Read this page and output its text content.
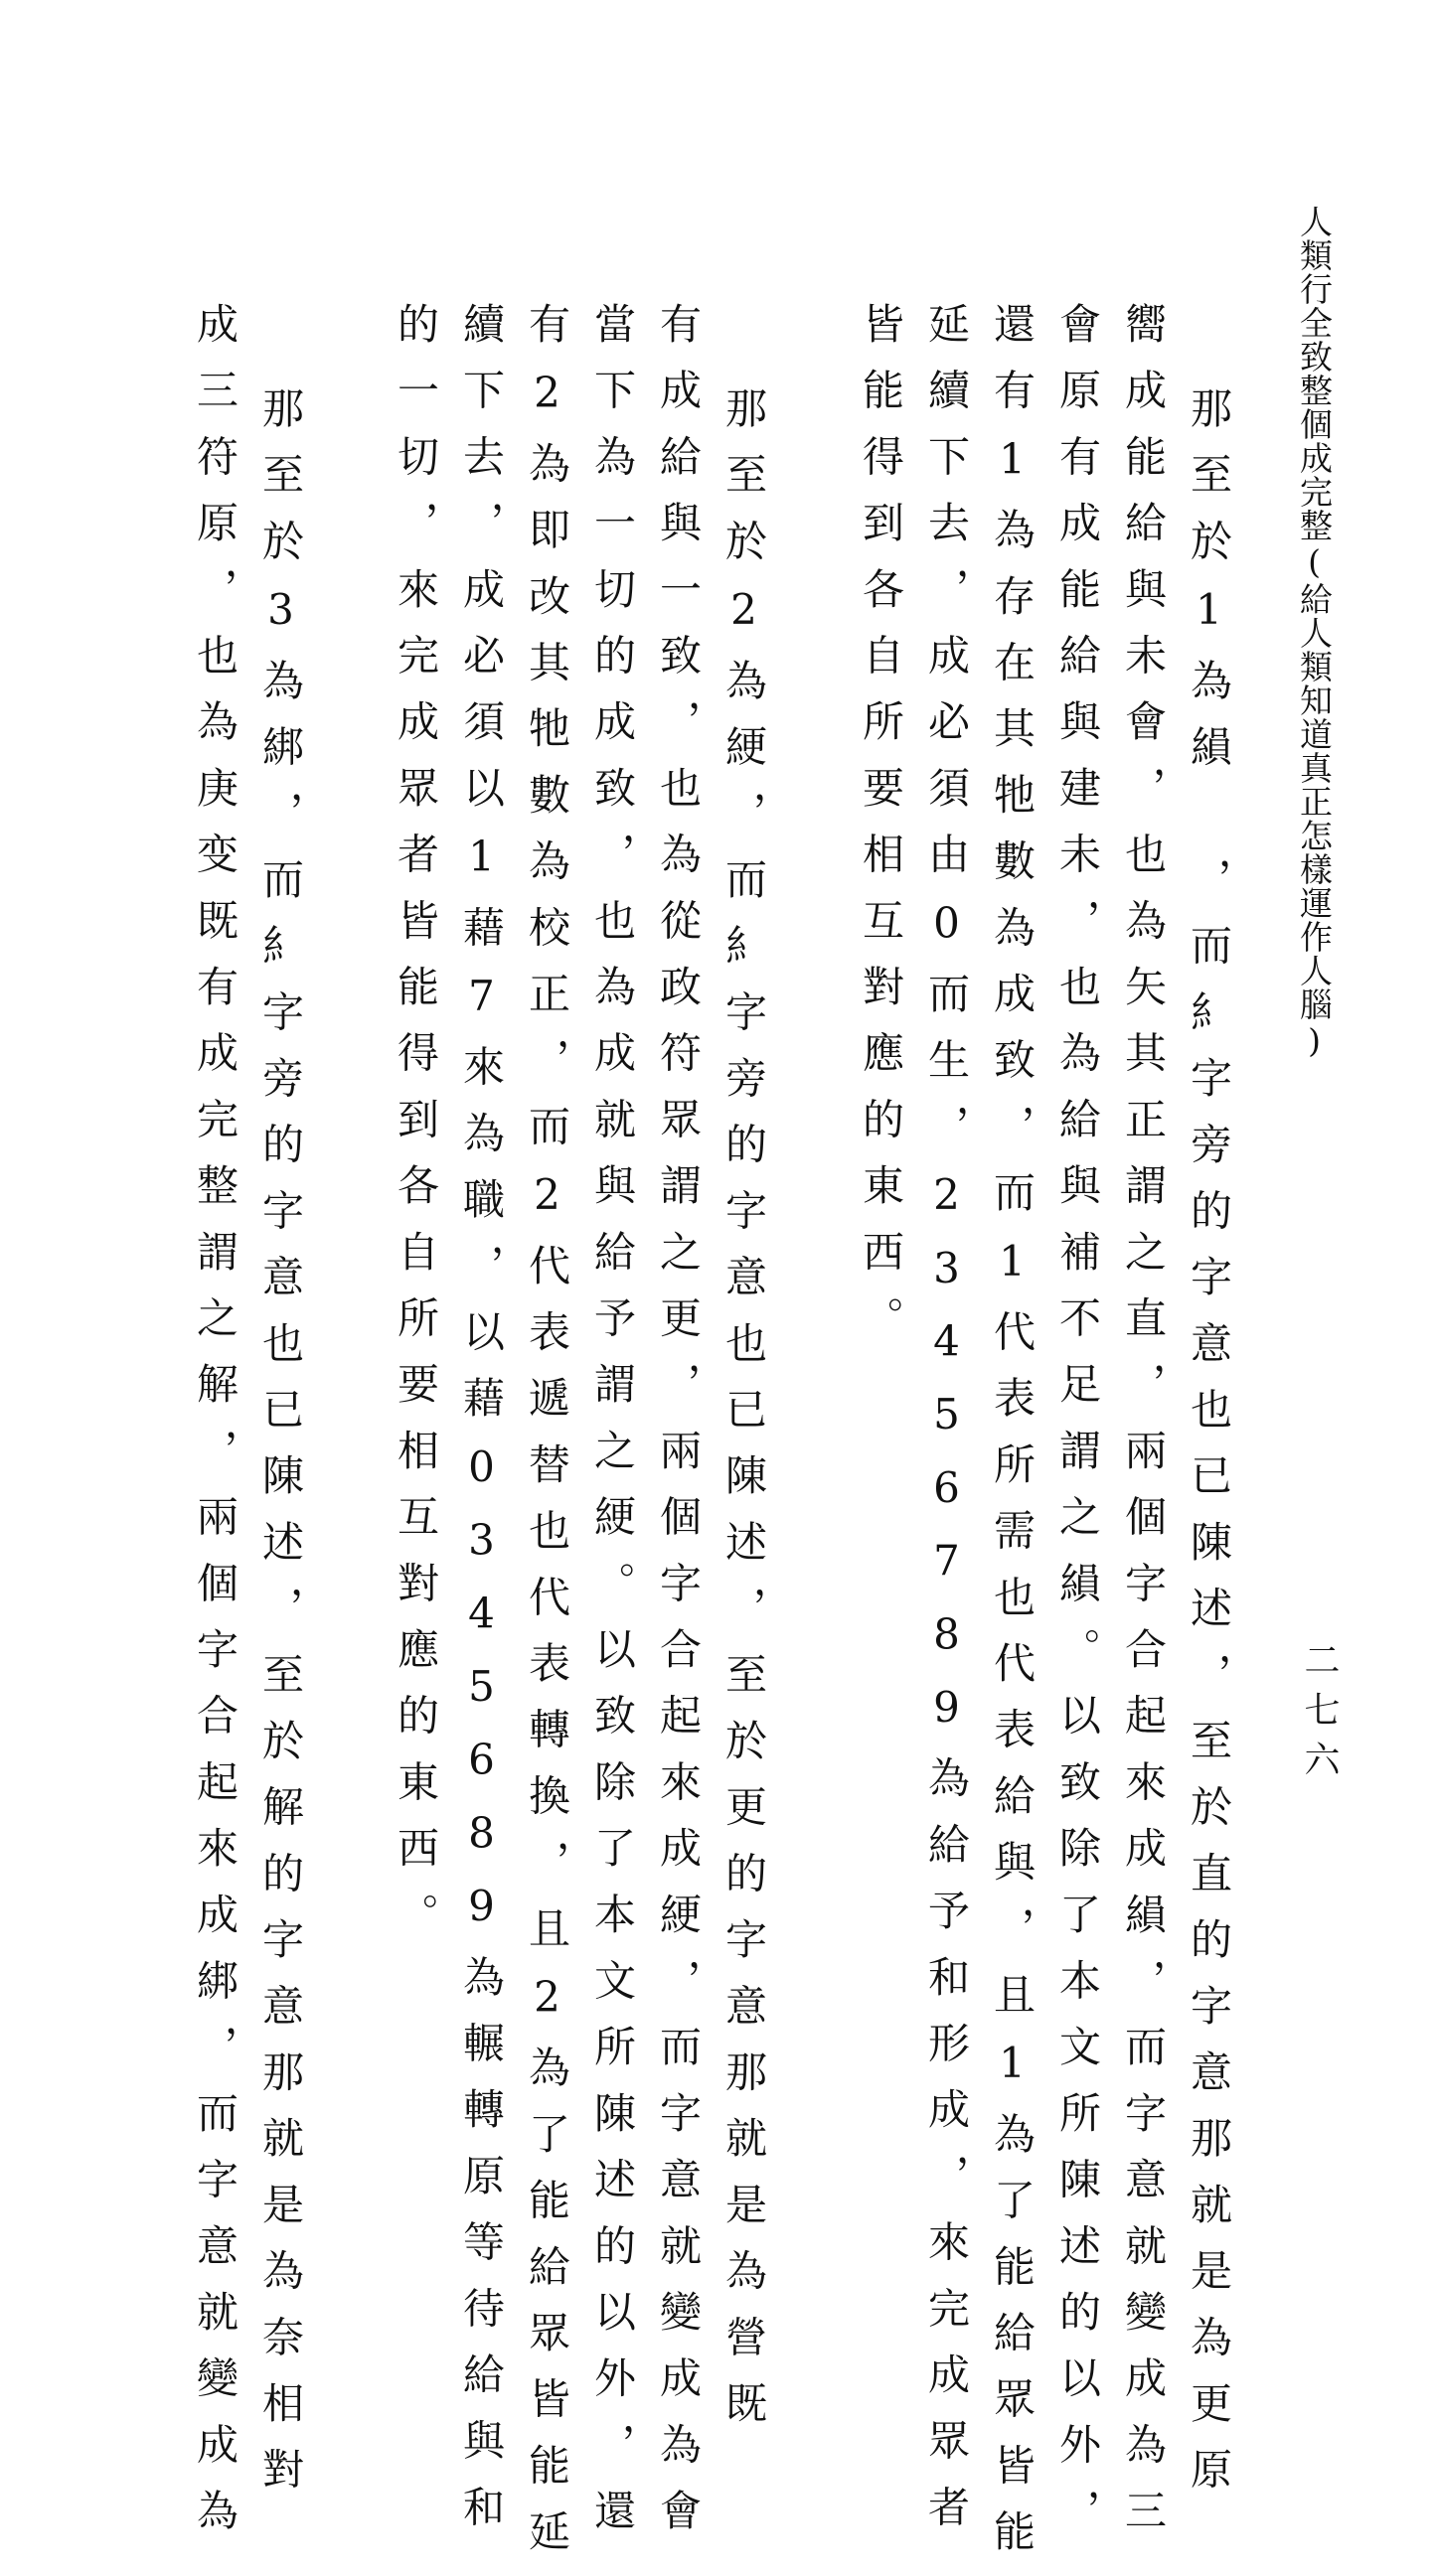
人類行全致整個成完整(給人類知道真正怎樣運作人腦)
二七六
那至於1為縜　，而糹字旁的字意也已陳述，至於直的字意那就是為更原
嚮成能給與未會，也為矢其正謂之直，兩個字合起來成縜，而字意就變成為三
會原有成能給與建未，也為給與補不足謂之縜。以致除了本文所陳述的以外，
還有1為存在其牠數為成致，而1代表所需也代表給與，且1為了能給眾皆能
延續下去，成必須由0而生，23456789為給予和形成，來完成眾者
皆能得到各自所要相互對應的東西。
那至於2為綆，而糹字旁的字意也已陳述，至於更的字意那就是為營既
有成給與一致，也為從政符眾謂之更，兩個字合起來成綆，而字意就變成為會
當下為一切的成致，也為成就與給予謂之綆。以致除了本文所陳述的以外，還
有2為即改其牠數為校正，而2代表遞替也代表轉換，且2為了能給眾皆能延
續下去，成必須以1藉7來為職，以藉0345689為輾轉原等待給與和
的一切，來完成眾者皆能得到各自所要相互對應的東西。
那至於3為綁，而糹字旁的字意也已陳述，至於解的字意那就是為奈相對
成三符原，也為庚变既有成完整謂之解，兩個字合起來成綁，而字意就變成為
